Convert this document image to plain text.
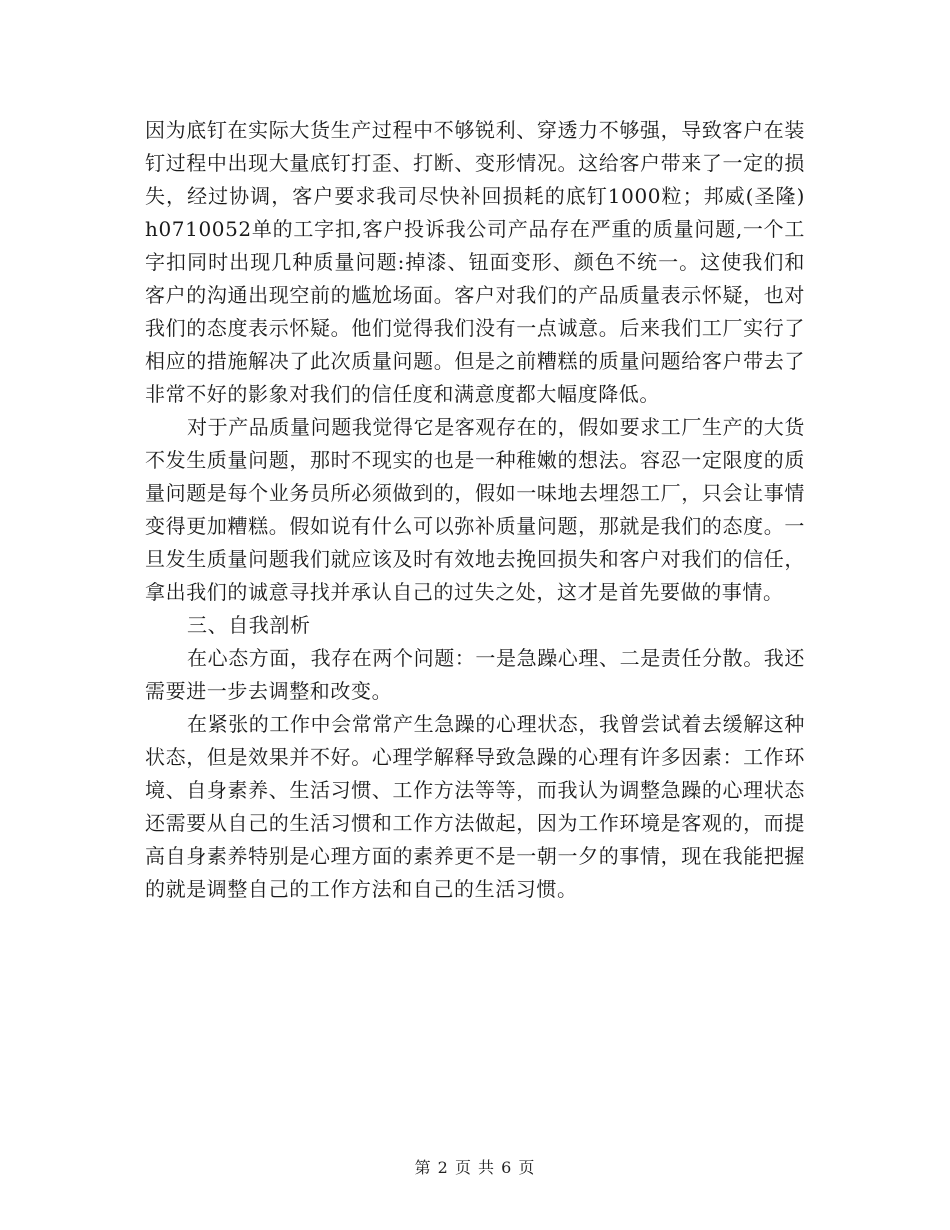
因为底钉在实际大货生产过程中不够锐利、穿透力不够强，导致客户在装钉过程中出现大量底钉打歪、打断、变形情况。这给客户带来了一定的损失，经过协调，客户要求我司尽快补回损耗的底钉1000粒；邦威(圣隆)h0710052单的工字扣,客户投诉我公司产品存在严重的质量问题,一个工字扣同时出现几种质量问题:掉漆、钮面变形、颜色不统一。这使我们和客户的沟通出现空前的尴尬场面。客户对我们的产品质量表示怀疑，也对我们的态度表示怀疑。他们觉得我们没有一点诚意。后来我们工厂实行了相应的措施解决了此次质量问题。但是之前糟糕的质量问题给客户带去了非常不好的影象对我们的信任度和满意度都大幅度降低。

对于产品质量问题我觉得它是客观存在的，假如要求工厂生产的大货不发生质量问题，那时不现实的也是一种稚嫩的想法。容忍一定限度的质量问题是每个业务员所必须做到的，假如一味地去埋怨工厂，只会让事情变得更加糟糕。假如说有什么可以弥补质量问题，那就是我们的态度。一旦发生质量问题我们就应该及时有效地去挽回损失和客户对我们的信任，拿出我们的诚意寻找并承认自己的过失之处，这才是首先要做的事情。

三、自我剖析

在心态方面，我存在两个问题：一是急躁心理、二是责任分散。我还需要进一步去调整和改变。

在紧张的工作中会常常产生急躁的心理状态，我曾尝试着去缓解这种状态，但是效果并不好。心理学解释导致急躁的心理有许多因素：工作环境、自身素养、生活习惯、工作方法等等，而我认为调整急躁的心理状态还需要从自己的生活习惯和工作方法做起，因为工作环境是客观的，而提高自身素养特别是心理方面的素养更不是一朝一夕的事情，现在我能把握的就是调整自己的工作方法和自己的生活习惯。

第 2 页 共 6 页
